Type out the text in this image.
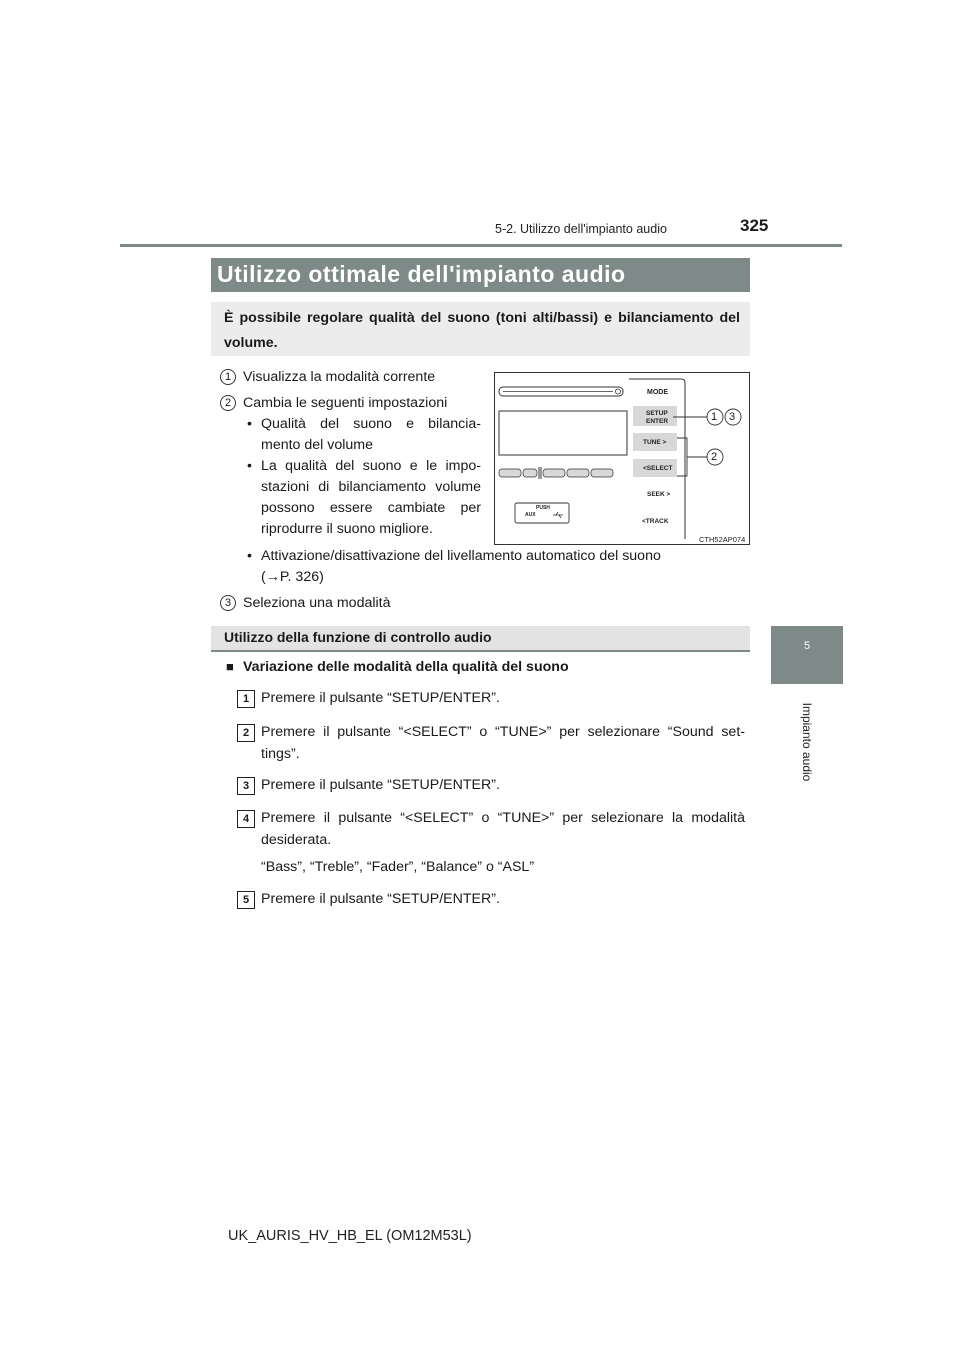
5-2. Utilizzo dell'impianto audio	325
5
Impianto audio
Utilizzo ottimale dell'impianto audio
È possibile regolare qualità del suono (toni alti/bassi) e bilanciamento del volume.
1 Visualizza la modalità corrente
2 Cambia le seguenti impostazioni
• Qualità del suono e bilancia-
mento del volume
• La qualità del suono e le impo-
stazioni di bilanciamento volume
possono essere cambiate per
riprodurre il suono migliore.
• Attivazione/disattivazione del livellamento automatico del suono
(→P. 326)
3 Seleziona una modalità
MODE
SETUP
ENTER
TUNE >
<SELECT
SEEK >
<TRACK
PUSH
AUX
CTH52AP074
1 3
2
Utilizzo della funzione di controllo audio
■ Variazione delle modalità della qualità del suono
1 Premere il pulsante “SETUP/ENTER”.
2 Premere il pulsante “<SELECT” o “TUNE>” per selezionare “Sound set-
tings”.
3 Premere il pulsante “SETUP/ENTER”.
4 Premere il pulsante “<SELECT” o “TUNE>” per selezionare la modalità
desiderata.
“Bass”, “Treble”, “Fader”, “Balance” o “ASL”
5 Premere il pulsante “SETUP/ENTER”.
UK_AURIS_HV_HB_EL (OM12M53L)
